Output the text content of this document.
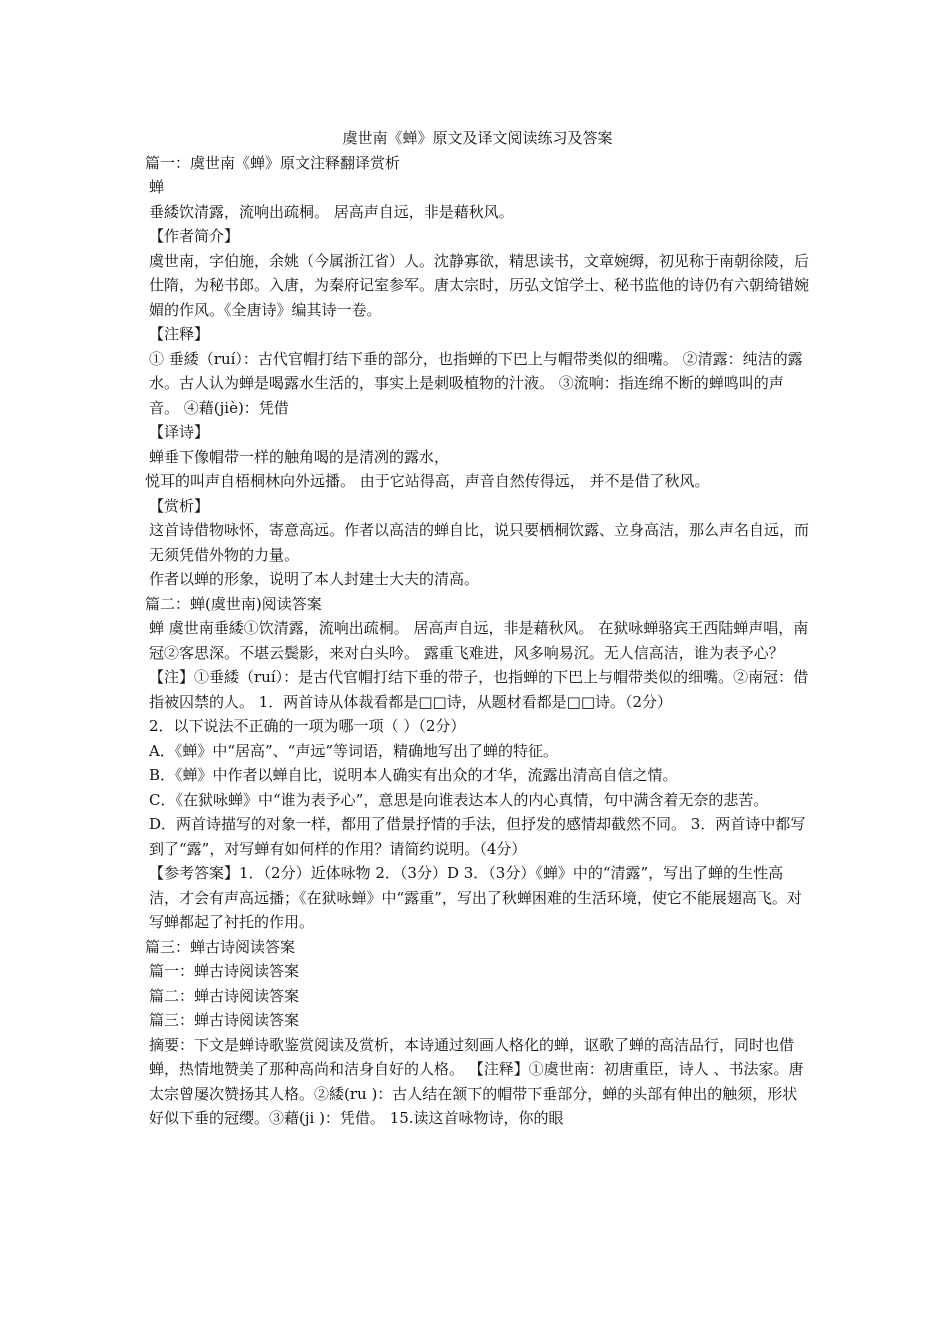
虞世南《蝉》原文及译文阅读练习及答案

篇一：虞世南《蝉》原文注释翻译赏析

蝉

垂緌饮清露，流响出疏桐。 居高声自远，非是藉秋风。

【作者简介】

虞世南，字伯施，余姚（今属浙江省）人。沈静寡欲，精思读书，文章婉缛，初见称于南朝徐陵，后仕隋，为秘书郎。入唐，为秦府记室参军。唐太宗时，历弘文馆学士、秘书监他的诗仍有六朝绮错婉媚的作风。《全唐诗》编其诗一卷。

【注释】

① 垂緌（ruí）：古代官帽打结下垂的部分，也指蝉的下巴上与帽带类似的细嘴。 ②清露：纯洁的露水。古人认为蝉是喝露水生活的，事实上是刺吸植物的汁液。 ③流响：指连绵不断的蝉鸣叫的声音。 ④藉(jiè)：凭借

【译诗】

蝉垂下像帽带一样的触角喝的是清冽的露水，

悦耳的叫声自梧桐林向外远播。 由于它站得高，声音自然传得远， 并不是借了秋风。

【赏析】

这首诗借物咏怀，寄意高远。作者以高洁的蝉自比，说只要栖桐饮露、立身高洁，那么声名自远，而无须凭借外物的力量。

作者以蝉的形象，说明了本人封建士大夫的清高。

篇二：蝉(虞世南)阅读答案

蝉 虞世南垂緌①饮清露，流响出疏桐。 居高声自远，非是藉秋风。 在狱咏蝉骆宾王西陆蝉声唱，南冠②客思深。不堪云鬓影，来对白头吟。 露重飞难进，风多响易沉。无人信高洁，谁为表予心？

【注】①垂緌（ruí）：是古代官帽打结下垂的带子，也指蝉的下巴上与帽带类似的细嘴。②南冠：借指被囚禁的人。 1．两首诗从体裁看都是□□诗，从题材看都是□□诗。（2分）

2．以下说法不正确的一项为哪一项（ ）（2分）

A．《蝉》中“居高”、“声远”等词语，精确地写出了蝉的特征。

B．《蝉》中作者以蝉自比，说明本人确实有出众的才华，流露出清高自信之情。

C．《在狱咏蝉》中“谁为表予心”，意思是向谁表达本人的内心真情，句中满含着无奈的悲苦。

D．两首诗描写的对象一样，都用了借景抒情的手法，但抒发的感情却截然不同。 3．两首诗中都写到了“露”，对写蝉有如何样的作用？请简约说明。（4分）

【参考答案】1．（2分）近体咏物 2．（3分）D 3．（3分）《蝉》中的“清露”，写出了蝉的生性高洁，才会有声高远播；《在狱咏蝉》中“露重”，写出了秋蝉困难的生活环境，使它不能展翅高飞。对写蝉都起了衬托的作用。

篇三：蝉古诗阅读答案

篇一：蝉古诗阅读答案

篇二：蝉古诗阅读答案

篇三：蝉古诗阅读答案

摘要：下文是蝉诗歌鉴赏阅读及赏析，本诗通过刻画人格化的蝉，讴歌了蝉的高洁品行，同时也借蝉，热情地赞美了那种高尚和洁身自好的人格。 【注释】①虞世南：初唐重臣，诗人 、书法家。唐太宗曾屡次赞扬其人格。②緌(ru )：古人结在颔下的帽带下垂部分，蝉的头部有伸出的触须，形状好似下垂的冠缨。③藉(ji )：凭借。 15.读这首咏物诗，你的眼
